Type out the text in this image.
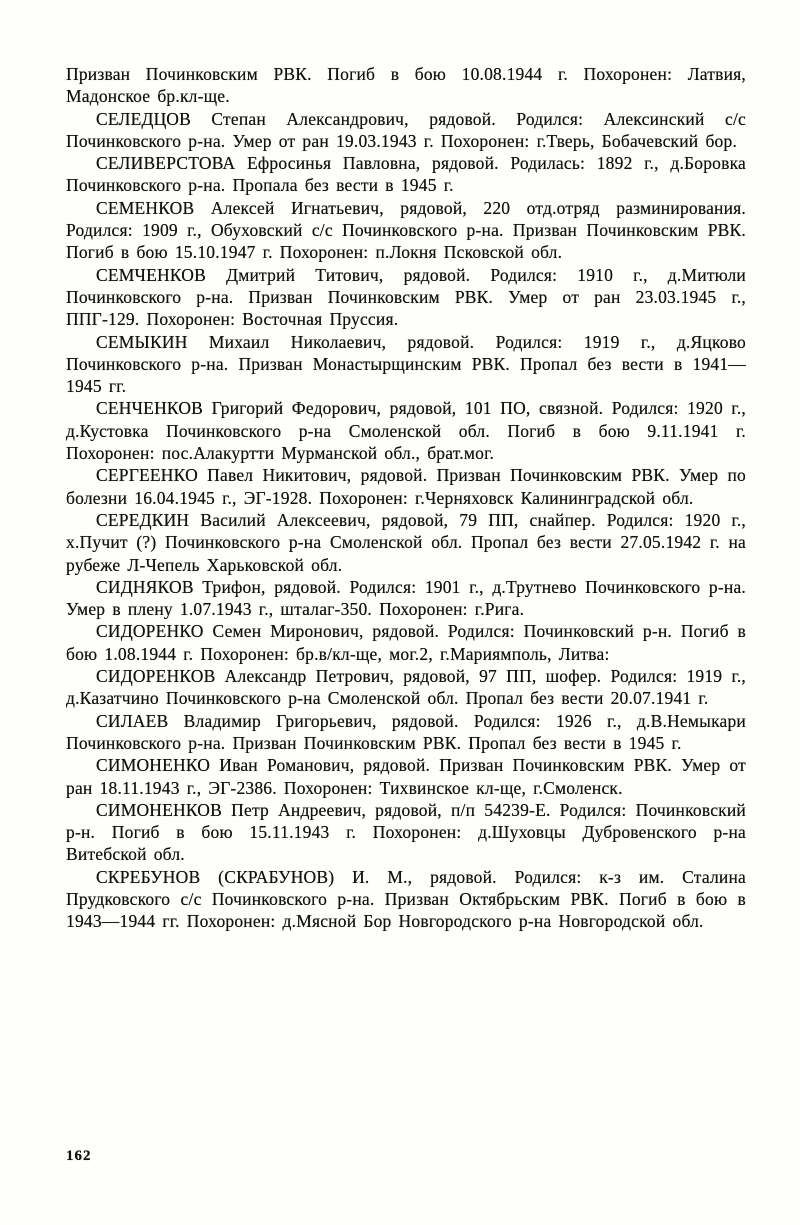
Призван Починковским РВК. Погиб в бою 10.08.1944 г. Похоронен: Латвия, Мадонское бр.кл-ще.

СЕЛЕДЦОВ Степан Александрович, рядовой. Родился: Алексинский с/с Починковского р-на. Умер от ран 19.03.1943 г. Похоронен: г.Тверь, Бобачевский бор.

СЕЛИВЕРСТОВА Ефросинья Павловна, рядовой. Родилась: 1892 г., д.Боровка Починковского р-на. Пропала без вести в 1945 г.

СЕМЕНКОВ Алексей Игнатьевич, рядовой, 220 отд.отряд разминирования. Родился: 1909 г., Обуховский с/с Починковского р-на. Призван Починковским РВК. Погиб в бою 15.10.1947 г. Похоронен: п.Локня Псковской обл.

СЕМЧЕНКОВ Дмитрий Титович, рядовой. Родился: 1910 г., д.Митюли Починковского р-на. Призван Починковским РВК. Умер от ран 23.03.1945 г., ППГ-129. Похоронен: Восточная Пруссия.

СЕМЫКИН Михаил Николаевич, рядовой. Родился: 1919 г., д.Яцково Починковского р-на. Призван Монастырщинским РВК. Пропал без вести в 1941—1945 гг.

СЕНЧЕНКОВ Григорий Федорович, рядовой, 101 ПО, связной. Родился: 1920 г., д.Кустовка Починковского р-на Смоленской обл. Погиб в бою 9.11.1941 г. Похоронен: пос.Алакуртти Мурманской обл., брат.мог.

СЕРГЕЕНКО Павел Никитович, рядовой. Призван Починковским РВК. Умер по болезни 16.04.1945 г., ЭГ-1928. Похоронен: г.Черняховск Калининградской обл.

СЕРЕДКИН Василий Алексеевич, рядовой, 79 ПП, снайпер. Родился: 1920 г., х.Пучит (?) Починковского р-на Смоленской обл. Пропал без вести 27.05.1942 г. на рубеже Л-Чепель Харьковской обл.

СИДНЯКОВ Трифон, рядовой. Родился: 1901 г., д.Трутнево Починковского р-на. Умер в плену 1.07.1943 г., шталаг-350. Похоронен: г.Рига.

СИДОРЕНКО Семен Миронович, рядовой. Родился: Починковский р-н. Погиб в бою 1.08.1944 г. Похоронен: бр.в/кл-ще, мог.2, г.Мариямполь, Литва:

СИДОРЕНКОВ Александр Петрович, рядовой, 97 ПП, шофер. Родился: 1919 г., д.Казатчино Починковского р-на Смоленской обл. Пропал без вести 20.07.1941 г.

СИЛАЕВ Владимир Григорьевич, рядовой. Родился: 1926 г., д.В.Немыкари Починковского р-на. Призван Починковским РВК. Пропал без вести в 1945 г.

СИМОНЕНКО Иван Романович, рядовой. Призван Починковским РВК. Умер от ран 18.11.1943 г., ЭГ-2386. Похоронен: Тихвинское кл-ще, г.Смоленск.

СИМОНЕНКОВ Петр Андреевич, рядовой, п/п 54239-Е. Родился: Починковский р-н. Погиб в бою 15.11.1943 г. Похоронен: д.Шуховцы Дубровенского р-на Витебской обл.

СКРЕБУНОВ (СКРАБУНОВ) И. М., рядовой. Родился: к-з им. Сталина Прудковского с/с Починковского р-на. Призван Октябрьским РВК. Погиб в бою в 1943—1944 гг. Похоронен: д.Мясной Бор Новгородского р-на Новгородской обл.

162
